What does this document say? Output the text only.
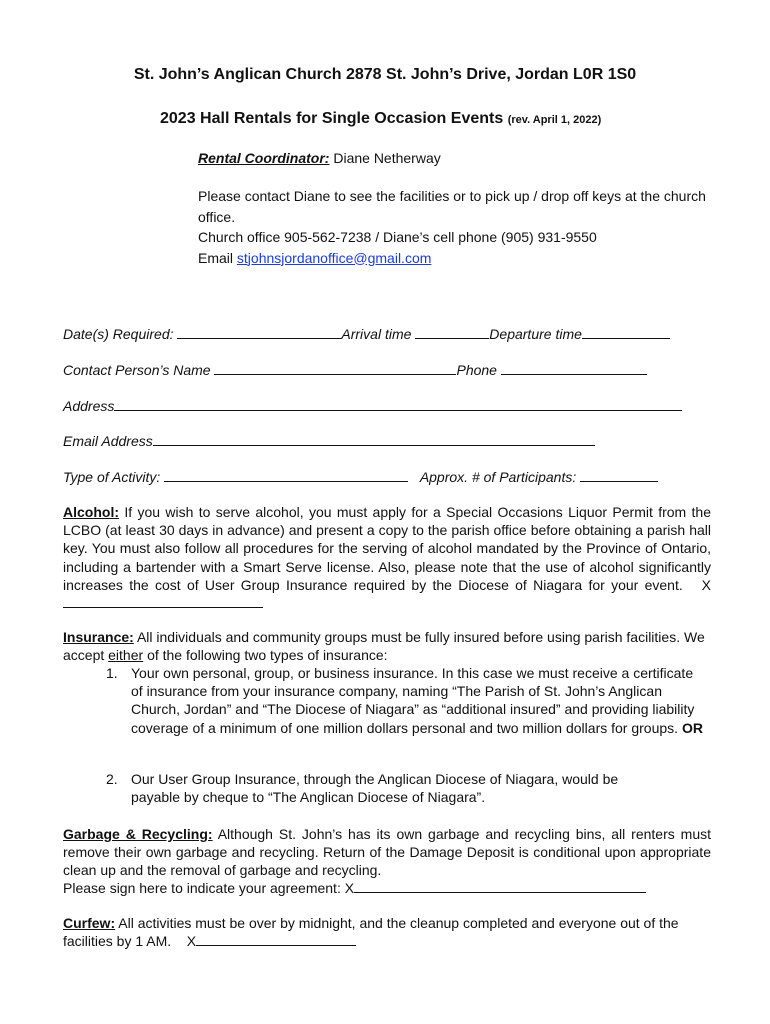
St. John’s Anglican Church 2878 St. John’s Drive, Jordan L0R 1S0
2023 Hall Rentals for Single Occasion Events (rev. April 1, 2022)
Rental Coordinator: Diane Netherway
Please contact Diane to see the facilities or to pick up / drop off keys at the church office.
Church office 905-562-7238 / Diane’s cell phone (905) 931-9550
Email stjohnsjordanoffice@gmail.com
Date(s) Required:	Arrival time	Departure time
Contact Person’s Name	Phone
Address
Email Address
Type of Activity:	Approx. # of Participants:
Alcohol: If you wish to serve alcohol, you must apply for a Special Occasions Liquor Permit from the LCBO (at least 30 days in advance) and present a copy to the parish office before obtaining a parish hall key. You must also follow all procedures for the serving of alcohol mandated by the Province of Ontario, including a bartender with a Smart Serve license. Also, please note that the use of alcohol significantly increases the cost of User Group Insurance required by the Diocese of Niagara for your event. X
Insurance: All individuals and community groups must be fully insured before using parish facilities. We accept either of the following two types of insurance:
1. Your own personal, group, or business insurance. In this case we must receive a certificate of insurance from your insurance company, naming “The Parish of St. John’s Anglican Church, Jordan” and “The Diocese of Niagara” as “additional insured” and providing liability coverage of a minimum of one million dollars personal and two million dollars for groups. OR
2. Our User Group Insurance, through the Anglican Diocese of Niagara, would be payable by cheque to “The Anglican Diocese of Niagara”.
Garbage & Recycling: Although St. John’s has its own garbage and recycling bins, all renters must remove their own garbage and recycling. Return of the Damage Deposit is conditional upon appropriate clean up and the removal of garbage and recycling.
Please sign here to indicate your agreement: X
Curfew: All activities must be over by midnight, and the cleanup completed and everyone out of the facilities by 1 AM. X
